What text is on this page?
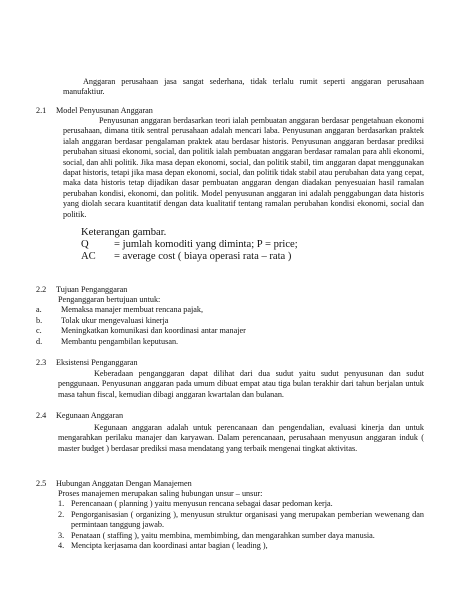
Anggaran perusahaan jasa sangat sederhana, tidak terlalu rumit seperti anggaran perusahaan manufaktiur.

2.1 Model Penyusunan Anggaran

Penyusunan anggaran berdasarkan teori ialah pembuatan anggaran berdasar pengetahuan ekonomi perusahaan, dimana titik sentral perusahaan adalah mencari laba. Penyusunan anggaran berdasarkan praktek ialah anggaran berdasar pengalaman praktek atau berdasar historis. Penyusunan anggaran berdasar prediksi perubahan situasi ekonomi, social, dan politik ialah pembuatan anggaran berdasar ramalan para ahli ekonomi, social, dan ahli politik. Jika masa depan ekonomi, social, dan politik stabil, tim anggaran dapat menggunakan dapat historis, tetapi jika masa depan ekonomi, social, dan politik tidak stabil atau perubahan data yang cepat, maka data historis tetap dijadikan dasar pembuatan anggaran dengan diadakan penyesuaian hasil ramalan perubahan kondisi, ekonomi, dan politik. Model penyusunan anggaran ini adalah penggabungan data historis yang diolah secara kuantitatif dengan data kualitatif tentang ramalan perubahan kondisi ekonomi, social dan politik.

Keterangan gambar.

Q = jumlah komoditi yang diminta; P = price;

AC = average cost ( biaya operasi rata – rata )

2.2 Tujuan Penganggaran

Penganggaran bertujuan untuk:

a. Memaksa manajer membuat rencana pajak,
b. Tolak ukur mengevaluasi kinerja
c. Meningkatkan komunikasi dan koordinasi antar manajer
d. Membantu pengambilan keputusan.
2.3 Eksistensi Penganggaran

Keberadaan penganggaran dapat dilihat dari dua sudut yaitu sudut penyusunan dan sudut penggunaan. Penyusunan anggaran pada umum dibuat empat atau tiga bulan terakhir dari tahun berjalan untuk masa tahun fiscal, kemudian dibagi anggaran kwartalan dan bulanan.

2.4 Kegunaan Anggaran

Kegunaan anggaran adalah untuk perencanaan dan pengendalian, evaluasi kinerja dan untuk mengarahkan perilaku manajer dan karyawan. Dalam perencanaan, perusahaan menyusun anggaran induk ( master budget ) berdasar prediksi masa mendatang yang terbaik mengenai tingkat aktivitas.

2.5 Hubungan Anggatan Dengan Manajemen

Proses manajemen merupakan saling hubungan unsur – unsur:

1. Perencanaan ( planning ) yaitu menyusun rencana sebagai dasar pedoman kerja.
2. Pengorganisasian ( organizing ), menyusun struktur organisasi yang merupakan pemberian wewenang dan permintaan tanggung jawab.
3. Penataan ( staffing ), yaitu membina, membimbing, dan mengarahkan sumber daya manusia.
4. Mencipta kerjasama dan koordinasi antar bagian ( leading ),
